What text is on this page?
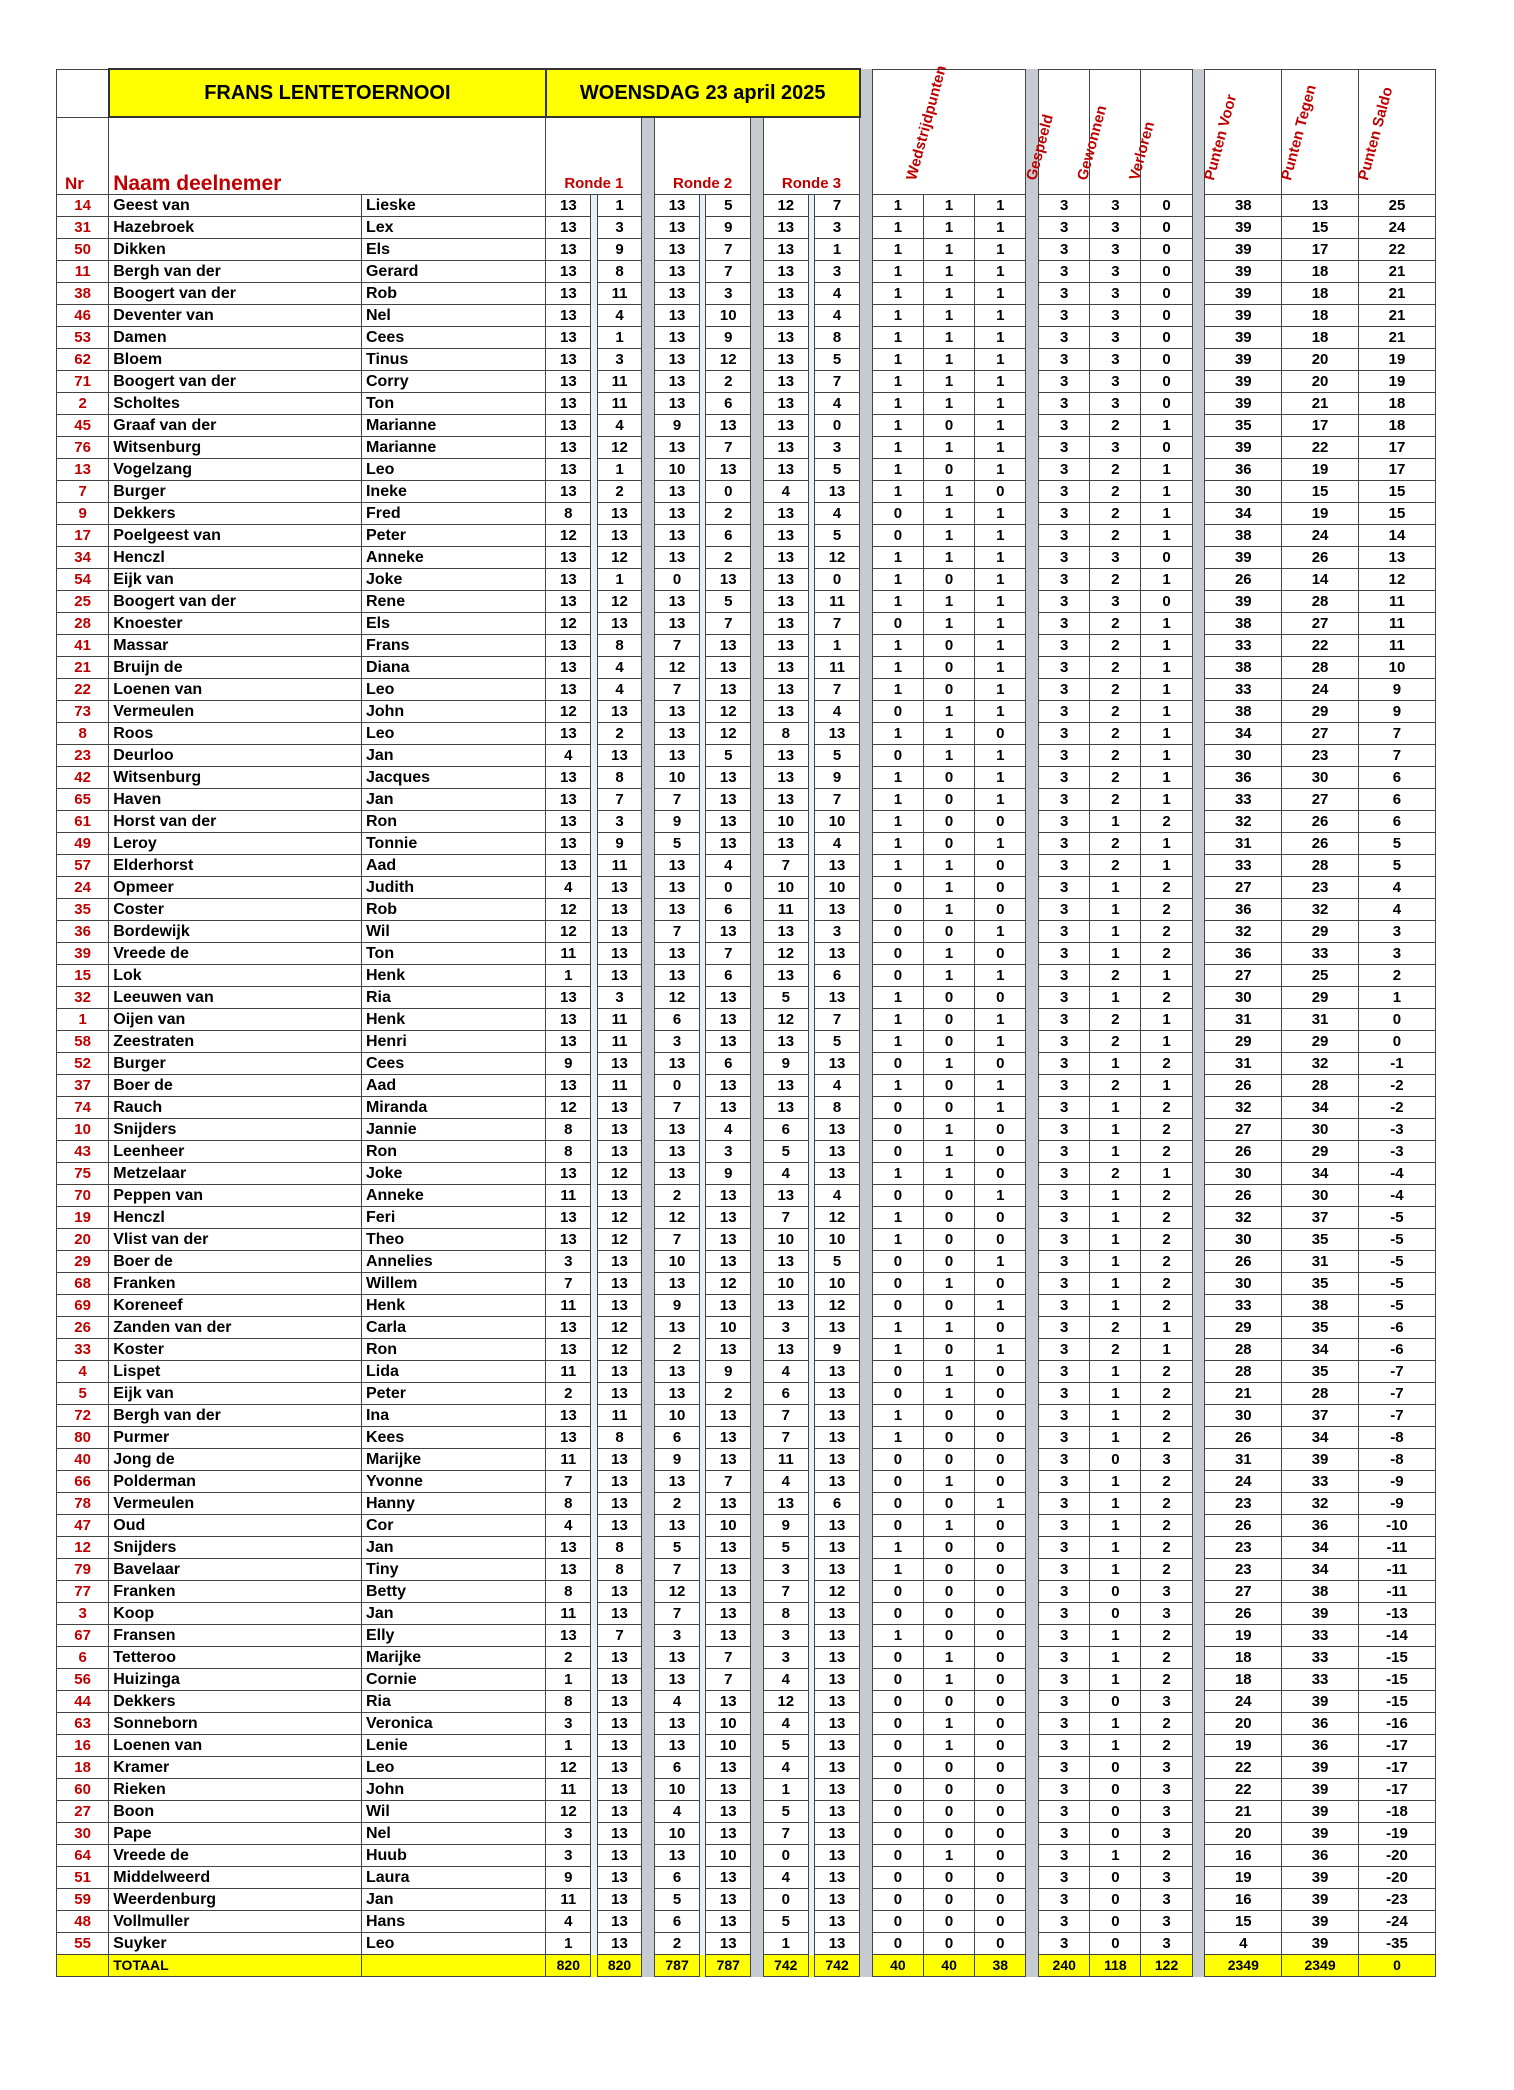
	FRANS LENTETOERNOOI		WOENSDAG 23 april 2025												Wedstrijdpunten				Gespeeld	Gewonnen	Verloren		Punten Voor	Punten Tegen	Punten Saldo

Nr	Naam deelnemer		Ronde 1				Ronde 2				Ronde 3														
14	Geest van	Lieske	13		1		13		5		12		7		1	1	1		3	3	0		38	13	25
31	Hazebroek	Lex	13		3		13		9		13		3		1	1	1		3	3	0		39	15	24
50	Dikken	Els	13		9		13		7		13		1		1	1	1		3	3	0		39	17	22
11	Bergh van der	Gerard	13		8		13		7		13		3		1	1	1		3	3	0		39	18	21
38	Boogert van der	Rob	13		11		13		3		13		4		1	1	1		3	3	0		39	18	21
46	Deventer van	Nel	13		4		13		10		13		4		1	1	1		3	3	0		39	18	21
53	Damen	Cees	13		1		13		9		13		8		1	1	1		3	3	0		39	18	21
62	Bloem	Tinus	13		3		13		12		13		5		1	1	1		3	3	0		39	20	19
71	Boogert van der	Corry	13		11		13		2		13		7		1	1	1		3	3	0		39	20	19
2	Scholtes	Ton	13		11		13		6		13		4		1	1	1		3	3	0		39	21	18
45	Graaf van der	Marianne	13		4		9		13		13		0		1	0	1		3	2	1		35	17	18
76	Witsenburg	Marianne	13		12		13		7		13		3		1	1	1		3	3	0		39	22	17
13	Vogelzang	Leo	13		1		10		13		13		5		1	0	1		3	2	1		36	19	17
7	Burger	Ineke	13		2		13		0		4		13		1	1	0		3	2	1		30	15	15
9	Dekkers	Fred	8		13		13		2		13		4		0	1	1		3	2	1		34	19	15
17	Poelgeest van	Peter	12		13		13		6		13		5		0	1	1		3	2	1		38	24	14
34	Henczl	Anneke	13		12		13		2		13		12		1	1	1		3	3	0		39	26	13
54	Eijk van	Joke	13		1		0		13		13		0		1	0	1		3	2	1		26	14	12
25	Boogert van der	Rene	13		12		13		5		13		11		1	1	1		3	3	0		39	28	11
28	Knoester	Els	12		13		13		7		13		7		0	1	1		3	2	1		38	27	11
41	Massar	Frans	13		8		7		13		13		1		1	0	1		3	2	1		33	22	11
21	Bruijn de	Diana	13		4		12		13		13		11		1	0	1		3	2	1		38	28	10
22	Loenen van	Leo	13		4		7		13		13		7		1	0	1		3	2	1		33	24	9
73	Vermeulen	John	12		13		13		12		13		4		0	1	1		3	2	1		38	29	9
8	Roos	Leo	13		2		13		12		8		13		1	1	0		3	2	1		34	27	7
23	Deurloo	Jan	4		13		13		5		13		5		0	1	1		3	2	1		30	23	7
42	Witsenburg	Jacques	13		8		10		13		13		9		1	0	1		3	2	1		36	30	6
65	Haven	Jan	13		7		7		13		13		7		1	0	1		3	2	1		33	27	6
61	Horst van der	Ron	13		3		9		13		10		10		1	0	0		3	1	2		32	26	6
49	Leroy	Tonnie	13		9		5		13		13		4		1	0	1		3	2	1		31	26	5
57	Elderhorst	Aad	13		11		13		4		7		13		1	1	0		3	2	1		33	28	5
24	Opmeer	Judith	4		13		13		0		10		10		0	1	0		3	1	2		27	23	4
35	Coster	Rob	12		13		13		6		11		13		0	1	0		3	1	2		36	32	4
36	Bordewijk	Wil	12		13		7		13		13		3		0	0	1		3	1	2		32	29	3
39	Vreede de	Ton	11		13		13		7		12		13		0	1	0		3	1	2		36	33	3
15	Lok	Henk	1		13		13		6		13		6		0	1	1		3	2	1		27	25	2
32	Leeuwen van	Ria	13		3		12		13		5		13		1	0	0		3	1	2		30	29	1
1	Oijen van	Henk	13		11		6		13		12		7		1	0	1		3	2	1		31	31	0
58	Zeestraten	Henri	13		11		3		13		13		5		1	0	1		3	2	1		29	29	0
52	Burger	Cees	9		13		13		6		9		13		0	1	0		3	1	2		31	32	-1
37	Boer de	Aad	13		11		0		13		13		4		1	0	1		3	2	1		26	28	-2
74	Rauch	Miranda	12		13		7		13		13		8		0	0	1		3	1	2		32	34	-2
10	Snijders	Jannie	8		13		13		4		6		13		0	1	0		3	1	2		27	30	-3
43	Leenheer	Ron	8		13		13		3		5		13		0	1	0		3	1	2		26	29	-3
75	Metzelaar	Joke	13		12		13		9		4		13		1	1	0		3	2	1		30	34	-4
70	Peppen van	Anneke	11		13		2		13		13		4		0	0	1		3	1	2		26	30	-4
19	Henczl	Feri	13		12		12		13		7		12		1	0	0		3	1	2		32	37	-5
20	Vlist van der	Theo	13		12		7		13		10		10		1	0	0		3	1	2		30	35	-5
29	Boer de	Annelies	3		13		10		13		13		5		0	0	1		3	1	2		26	31	-5
68	Franken	Willem	7		13		13		12		10		10		0	1	0		3	1	2		30	35	-5
69	Koreneef	Henk	11		13		9		13		13		12		0	0	1		3	1	2		33	38	-5
26	Zanden van der	Carla	13		12		13		10		3		13		1	1	0		3	2	1		29	35	-6
33	Koster	Ron	13		12		2		13		13		9		1	0	1		3	2	1		28	34	-6
4	Lispet	Lida	11		13		13		9		4		13		0	1	0		3	1	2		28	35	-7
5	Eijk van	Peter	2		13		13		2		6		13		0	1	0		3	1	2		21	28	-7
72	Bergh van der	Ina	13		11		10		13		7		13		1	0	0		3	1	2		30	37	-7
80	Purmer	Kees	13		8		6		13		7		13		1	0	0		3	1	2		26	34	-8
40	Jong de	Marijke	11		13		9		13		11		13		0	0	0		3	0	3		31	39	-8
66	Polderman	Yvonne	7		13		13		7		4		13		0	1	0		3	1	2		24	33	-9
78	Vermeulen	Hanny	8		13		2		13		13		6		0	0	1		3	1	2		23	32	-9
47	Oud	Cor	4		13		13		10		9		13		0	1	0		3	1	2		26	36	-10
12	Snijders	Jan	13		8		5		13		5		13		1	0	0		3	1	2		23	34	-11
79	Bavelaar	Tiny	13		8		7		13		3		13		1	0	0		3	1	2		23	34	-11
77	Franken	Betty	8		13		12		13		7		12		0	0	0		3	0	3		27	38	-11
3	Koop	Jan	11		13		7		13		8		13		0	0	0		3	0	3		26	39	-13
67	Fransen	Elly	13		7		3		13		3		13		1	0	0		3	1	2		19	33	-14
6	Tetteroo	Marijke	2		13		13		7		3		13		0	1	0		3	1	2		18	33	-15
56	Huizinga	Cornie	1		13		13		7		4		13		0	1	0		3	1	2		18	33	-15
44	Dekkers	Ria	8		13		4		13		12		13		0	0	0		3	0	3		24	39	-15
63	Sonneborn	Veronica	3		13		13		10		4		13		0	1	0		3	1	2		20	36	-16
16	Loenen van	Lenie	1		13		13		10		5		13		0	1	0		3	1	2		19	36	-17
18	Kramer	Leo	12		13		6		13		4		13		0	0	0		3	0	3		22	39	-17
60	Rieken	John	11		13		10		13		1		13		0	0	0		3	0	3		22	39	-17
27	Boon	Wil	12		13		4		13		5		13		0	0	0		3	0	3		21	39	-18
30	Pape	Nel	3		13		10		13		7		13		0	0	0		3	0	3		20	39	-19
64	Vreede de	Huub	3		13		13		10		0		13		0	1	0		3	1	2		16	36	-20
51	Middelweerd	Laura	9		13		6		13		4		13		0	0	0		3	0	3		19	39	-20
59	Weerdenburg	Jan	11		13		5		13		0		13		0	0	0		3	0	3		16	39	-23
48	Vollmuller	Hans	4		13		6		13		5		13		0	0	0		3	0	3		15	39	-24
55	Suyker	Leo	1		13		2		13		1		13		0	0	0		3	0	3		4	39	-35
	TOTAAL		820		820		787		787		742		742		40	40	38		240	118	122		2349	2349	0
